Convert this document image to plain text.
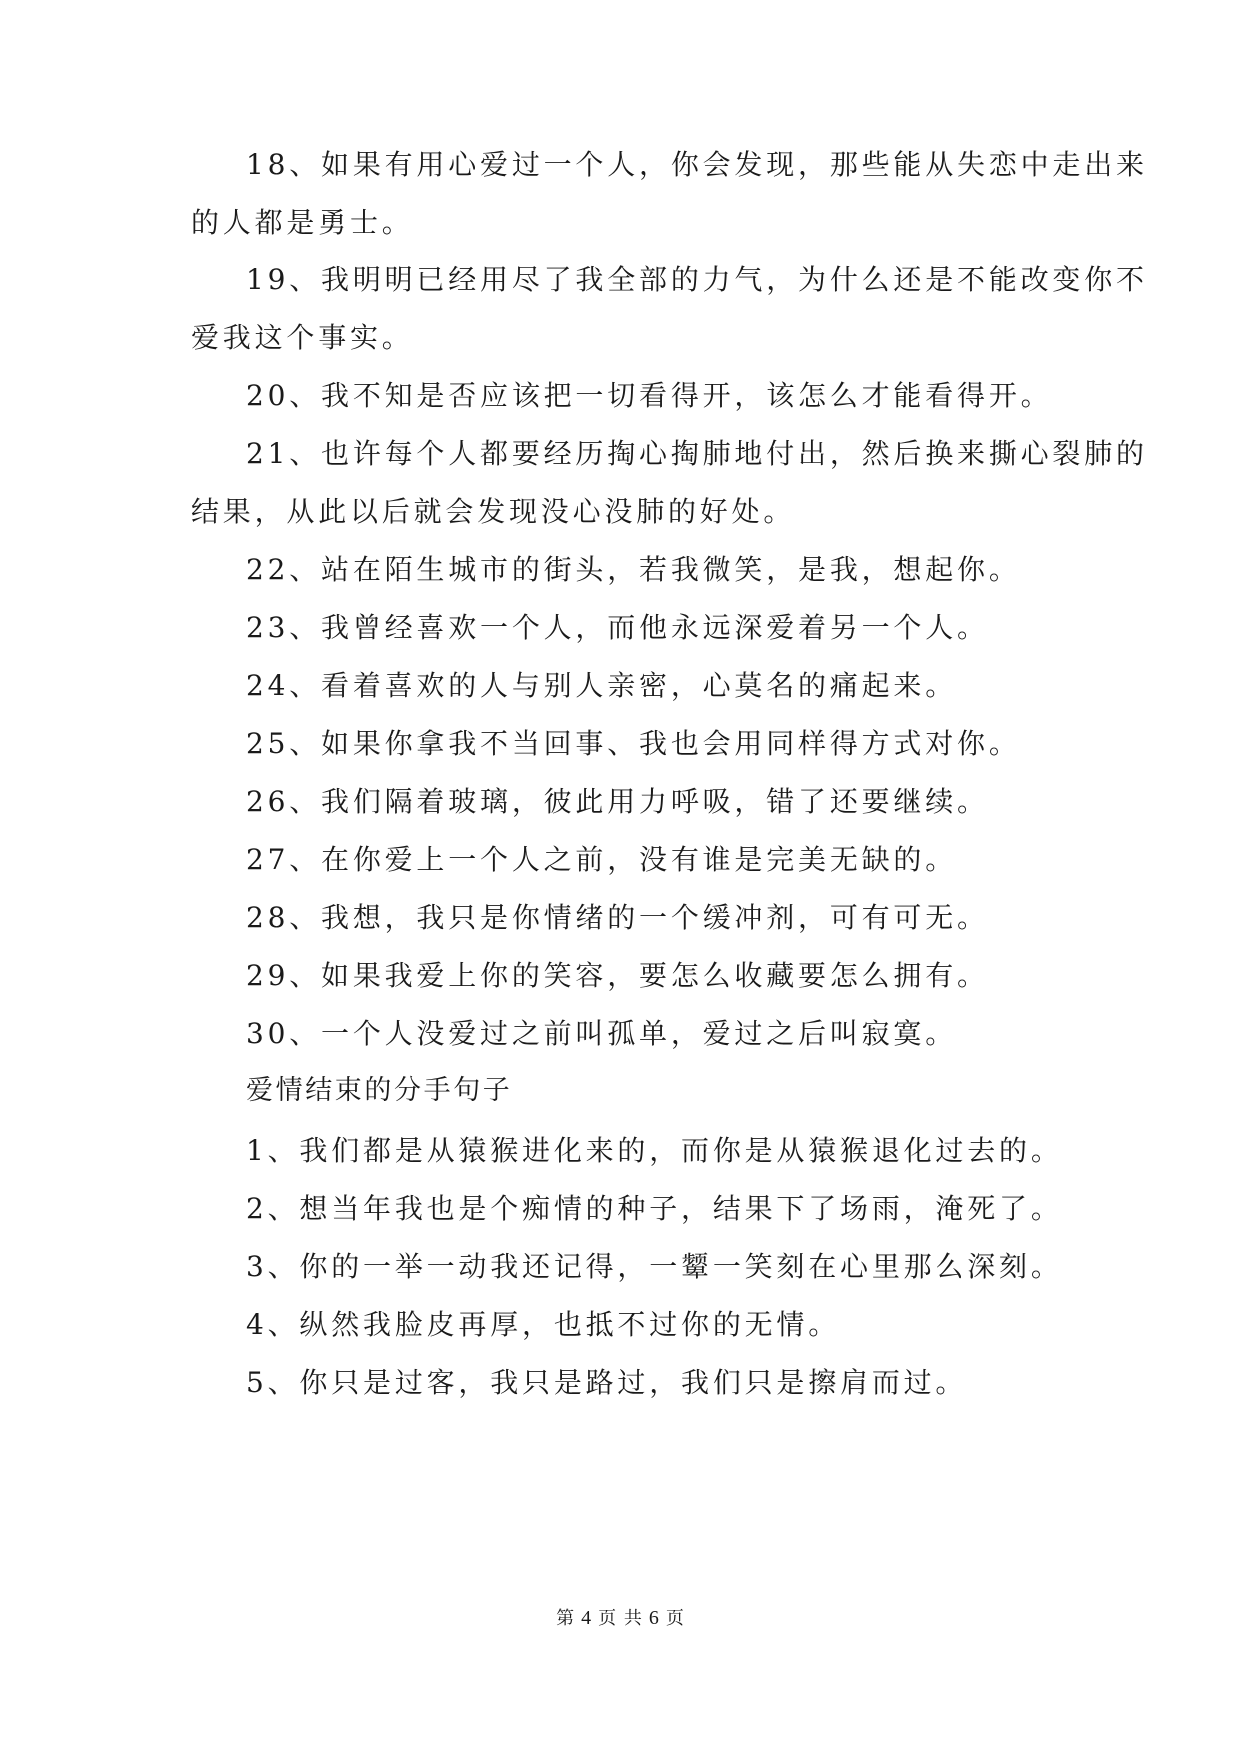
18、如果有用心爱过一个人，你会发现，那些能从失恋中走出来
的人都是勇士。
19、我明明已经用尽了我全部的力气，为什么还是不能改变你不
爱我这个事实。
20、我不知是否应该把一切看得开，该怎么才能看得开。
21、也许每个人都要经历掏心掏肺地付出，然后换来撕心裂肺的
结果，从此以后就会发现没心没肺的好处。
22、站在陌生城市的街头，若我微笑，是我，想起你。
23、我曾经喜欢一个人，而他永远深爱着另一个人。
24、看着喜欢的人与别人亲密，心莫名的痛起来。
25、如果你拿我不当回事、我也会用同样得方式对你。
26、我们隔着玻璃，彼此用力呼吸，错了还要继续。
27、在你爱上一个人之前，没有谁是完美无缺的。
28、我想，我只是你情绪的一个缓冲剂，可有可无。
29、如果我爱上你的笑容，要怎么收藏要怎么拥有。
30、一个人没爱过之前叫孤单，爱过之后叫寂寞。
爱情结束的分手句子
1、我们都是从猿猴进化来的，而你是从猿猴退化过去的。
2、想当年我也是个痴情的种子，结果下了场雨，淹死了。
3、你的一举一动我还记得，一颦一笑刻在心里那么深刻。
4、纵然我脸皮再厚，也抵不过你的无情。
5、你只是过客，我只是路过，我们只是擦肩而过。
第 4 页 共 6 页
